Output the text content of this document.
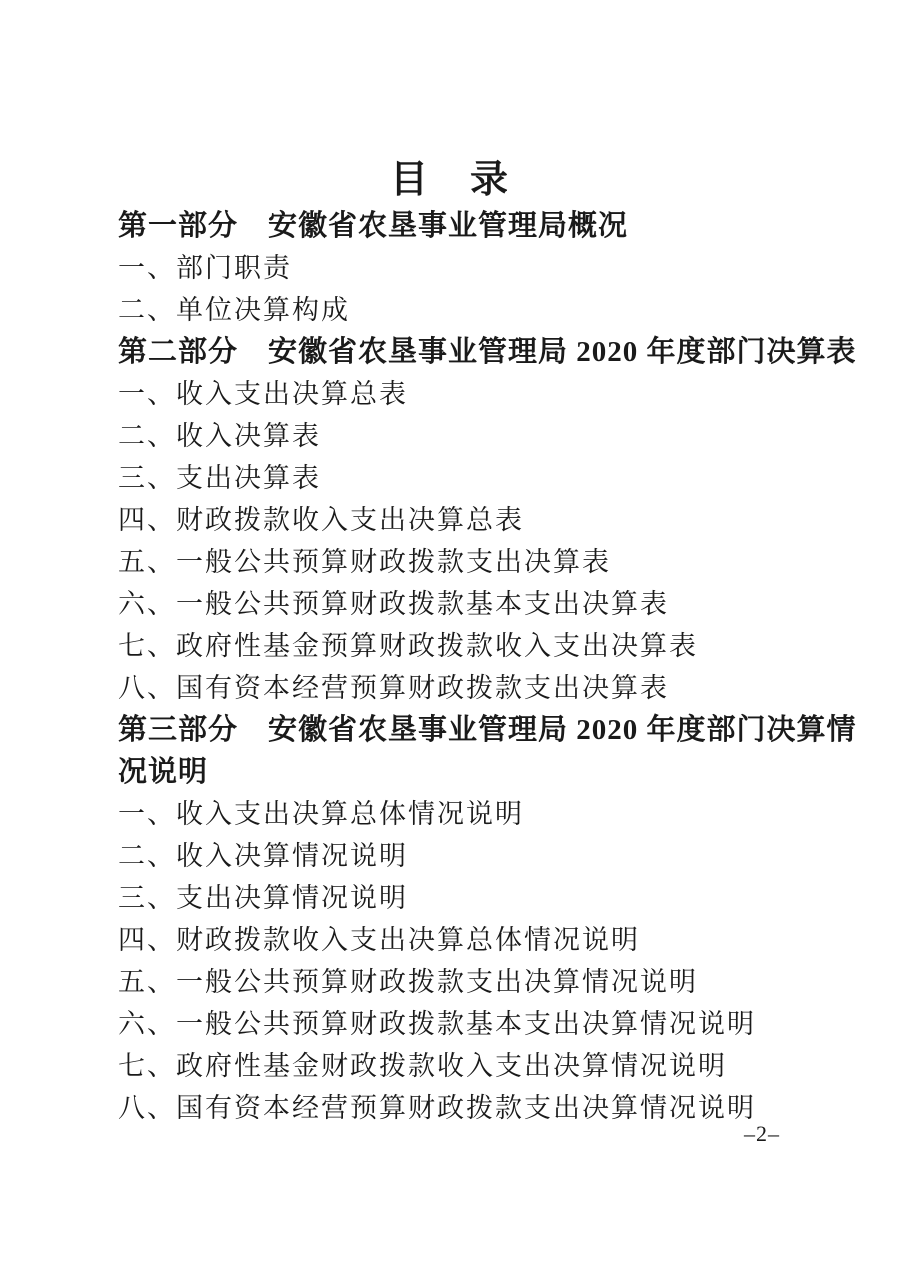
目　录
第一部分　安徽省农垦事业管理局概况
一、部门职责
二、单位决算构成
第二部分　安徽省农垦事业管理局 2020 年度部门决算表
一、收入支出决算总表
二、收入决算表
三、支出决算表
四、财政拨款收入支出决算总表
五、一般公共预算财政拨款支出决算表
六、一般公共预算财政拨款基本支出决算表
七、政府性基金预算财政拨款收入支出决算表
八、国有资本经营预算财政拨款支出决算表
第三部分　安徽省农垦事业管理局 2020 年度部门决算情
况说明
一、收入支出决算总体情况说明
二、收入决算情况说明
三、支出决算情况说明
四、财政拨款收入支出决算总体情况说明
五、一般公共预算财政拨款支出决算情况说明
六、一般公共预算财政拨款基本支出决算情况说明
七、政府性基金财政拨款收入支出决算情况说明
八、国有资本经营预算财政拨款支出决算情况说明
–2–
